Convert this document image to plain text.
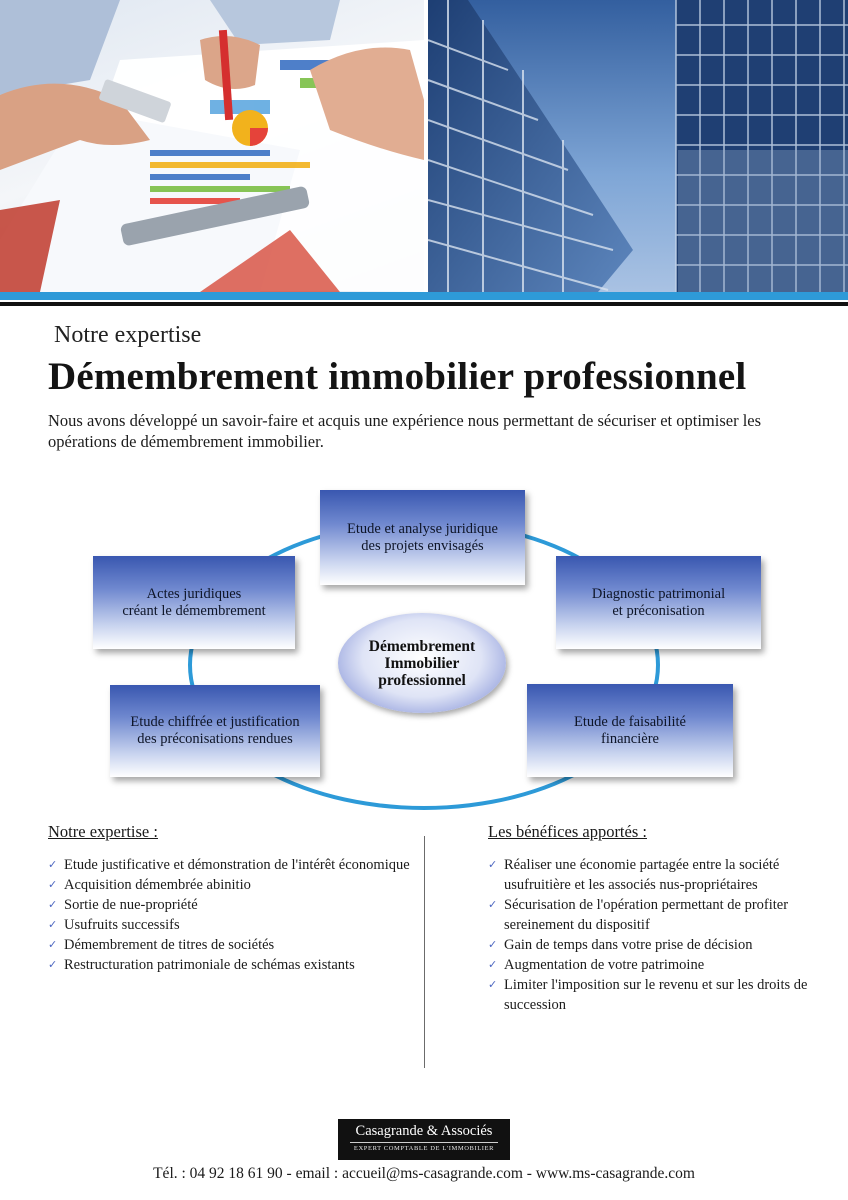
Notre expertise
Démembrement immobilier professionnel

Nous avons développé un savoir-faire et acquis une expérience nous permettant de sécuriser et optimiser les opérations de démembrement immobilier.

Etude et analyse juridique
des projets envisagés
Actes juridiques
créant le démembrement
Diagnostic patrimonial
et préconisation
Etude chiffrée et justification
des préconisations rendues
Etude de faisabilité
financière
Démembrement
Immobilier
professionnel
Notre expertise :
✓ Etude justificative et démonstration de l'intérêt économique
✓ Acquisition démembrée abinitio
✓ Sortie de nue-propriété
✓ Usufruits successifs
✓ Démembrement de titres de sociétés
✓ Restructuration patrimoniale de schémas existants
Les bénéfices apportés :
✓ Réaliser une économie partagée entre la société usufruitière et les associés nus-propriétaires
✓ Sécurisation de l'opération permettant de profiter sereinement du dispositif
✓ Gain de temps dans votre prise de décision
✓ Augmentation de votre patrimoine
✓ Limiter l'imposition sur le revenu et sur les droits de succession
Casagrande & Associés
EXPERT COMPTABLE DE L'IMMOBILIER
Tél. : 04 92 18 61 90 - email : accueil@ms-casagrande.com - www.ms-casagrande.com
